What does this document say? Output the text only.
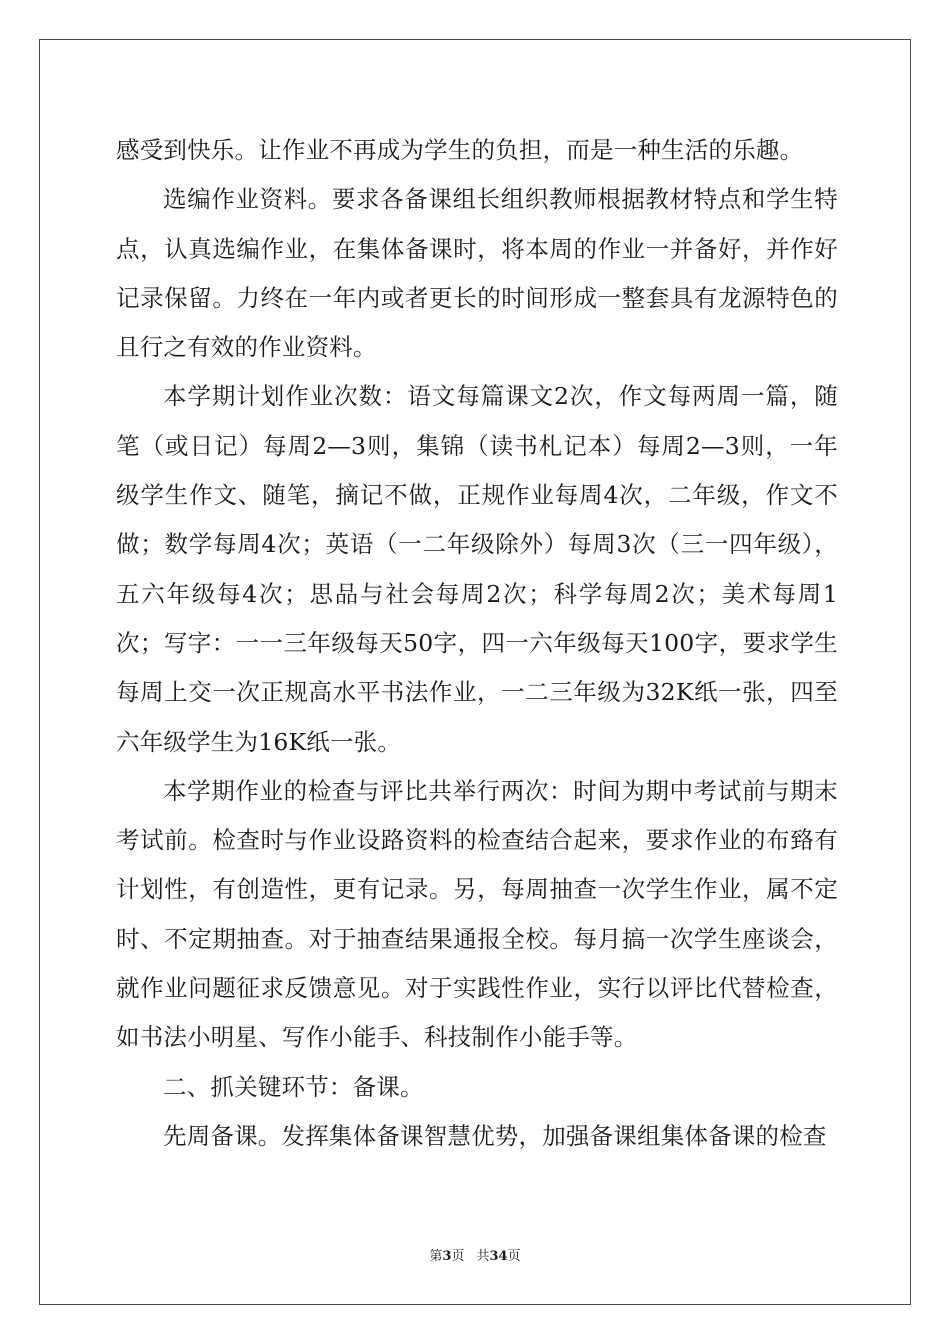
感受到快乐。让作业不再成为学生的负担，而是一种生活的乐趣。

选编作业资料。要求各备课组长组织教师根据教材特点和学生特点，认真选编作业，在集体备课时，将本周的作业一并备好，并作好记录保留。力终在一年内或者更长的时间形成一整套具有龙源特色的且行之有效的作业资料。

本学期计划作业次数：语文每篇课文2次，作文每两周一篇，随笔（或日记）每周2—3则，集锦（读书札记本）每周2—3则，一年级学生作文、随笔，摘记不做，正规作业每周4次，二年级，作文不做；数学每周4次；英语（一二年级除外）每周3次（三一四年级），五六年级每4次；思品与社会每周2次；科学每周2次；美术每周1次；写字：一一三年级每天50字，四一六年级每天100字，要求学生每周上交一次正规高水平书法作业，一二三年级为32K纸一张，四至六年级学生为16K纸一张。

本学期作业的检查与评比共举行两次：时间为期中考试前与期末考试前。检查时与作业设路资料的检查结合起来，要求作业的布臵有计划性，有创造性，更有记录。另，每周抽查一次学生作业，属不定时、不定期抽查。对于抽查结果通报全校。每月搞一次学生座谈会，就作业问题征求反馈意见。对于实践性作业，实行以评比代替检查，如书法小明星、写作小能手、科技制作小能手等。

二、抓关键环节：备课。

先周备课。发挥集体备课智慧优势，加强备课组集体备课的检查

第3页 共34页
